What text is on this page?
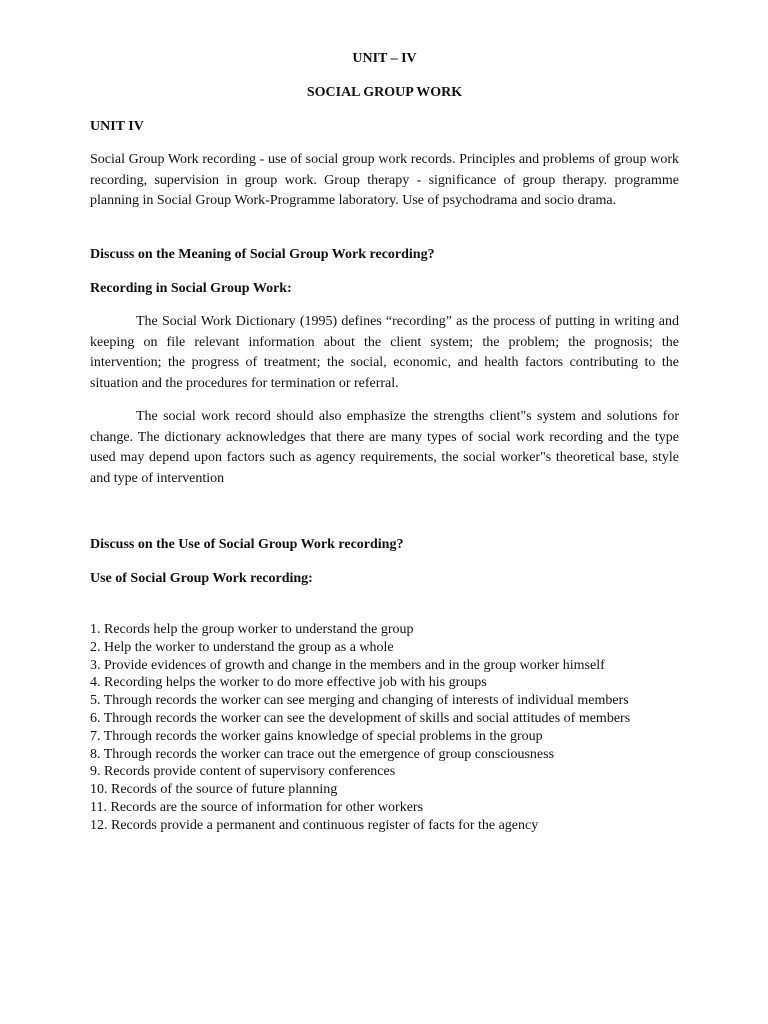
UNIT – IV

SOCIAL GROUP WORK

UNIT IV

Social Group Work recording - use of social group work records. Principles and problems of group work recording, supervision in group work. Group therapy - significance of group therapy. programme planning in Social Group Work-Programme laboratory. Use of psychodrama and socio drama.

Discuss on the Meaning of Social Group Work recording?

Recording in Social Group Work:

The Social Work Dictionary (1995) defines “recording” as the process of putting in writing and keeping on file relevant information about the client system; the problem; the prognosis; the intervention; the progress of treatment; the social, economic, and health factors contributing to the situation and the procedures for termination or referral.

The social work record should also emphasize the strengths client"s system and solutions for change. The dictionary acknowledges that there are many types of social work recording and the type used may depend upon factors such as agency requirements, the social worker"s theoretical base, style and type of intervention

Discuss on the Use of Social Group Work recording?

Use of Social Group Work recording:

1. Records help the group worker to understand the group
2. Help the worker to understand the group as a whole
3. Provide evidences of growth and change in the members and in the group worker himself
4. Recording helps the worker to do more effective job with his groups
5. Through records the worker can see merging and changing of interests of individual members
6. Through records the worker can see the development of skills and social attitudes of members
7. Through records the worker gains knowledge of special problems in the group
8. Through records the worker can trace out the emergence of group consciousness
9. Records provide content of supervisory conferences
10. Records of the source of future planning
11. Records are the source of information for other workers
12. Records provide a permanent and continuous register of facts for the agency
